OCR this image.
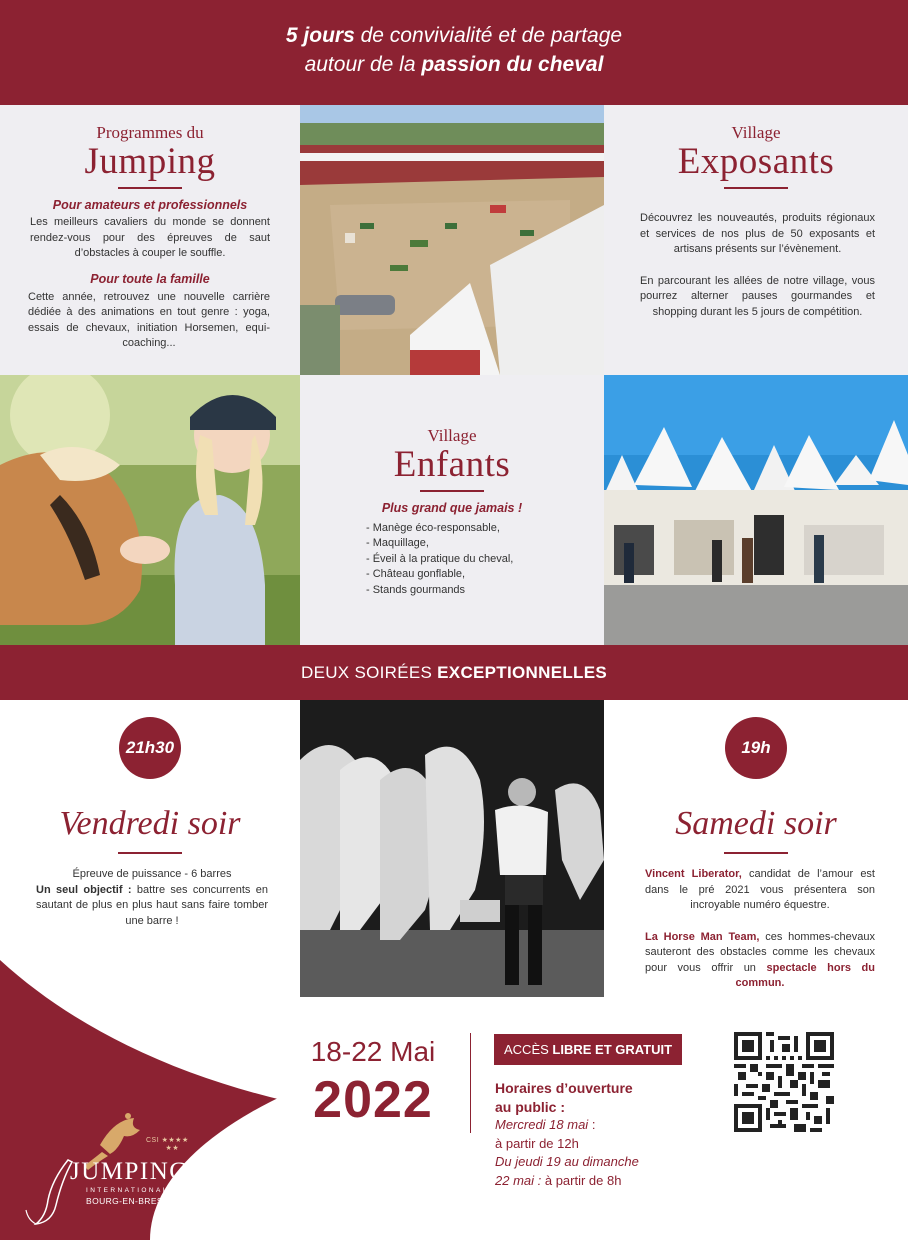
5 jours de convivialité et de partage
autour de la passion du cheval
Programmes du
Jumping
Pour amateurs et professionnels
Les meilleurs cavaliers du monde se donnent rendez-vous pour des épreuves de saut d’obstacles à couper le souffle.
Pour toute la famille
Cette année, retrouvez une nouvelle carrière dédiée à des animations en tout genre : yoga, essais de chevaux, initiation Horsemen, equi-coaching...
Village
Exposants
Découvrez les nouveautés, produits régionaux et services de nos plus de 50 exposants et artisans présents sur l’évènement.
En parcourant les allées de notre village, vous pourrez alterner pauses gourmandes et shopping durant les 5 jours de compétition.
Village
Enfants
Plus grand que jamais !
- Manège éco-responsable,
- Maquillage,
- Éveil à la pratique du cheval,
- Château gonflable,
- Stands gourmands
DEUX SOIRÉES EXCEPTIONNELLES
21h30
Vendredi soir
Épreuve de puissance - 6 barres
Un seul objectif : battre ses concurrents en sautant de plus en plus haut sans faire tomber une barre !
19h
Samedi soir
Vincent Liberator, candidat de l’amour est dans le pré 2021 vous présentera son incroyable numéro équestre.
La Horse Man Team, ces hommes-chevaux sauteront des obstacles comme les chevaux pour vous offrir un spectacle hors du commun.
18-22 Mai
2022
ACCÈS LIBRE ET GRATUIT
Horaires d’ouverture
au public :
Mercredi 18 mai :
à partir de 12h
Du jeudi 19 au dimanche
22 mai : à partir de 8h
CSI ★★★★
★★
JUMPING
INTERNATIONAL
BOURG-EN-BRESSE - AIN
